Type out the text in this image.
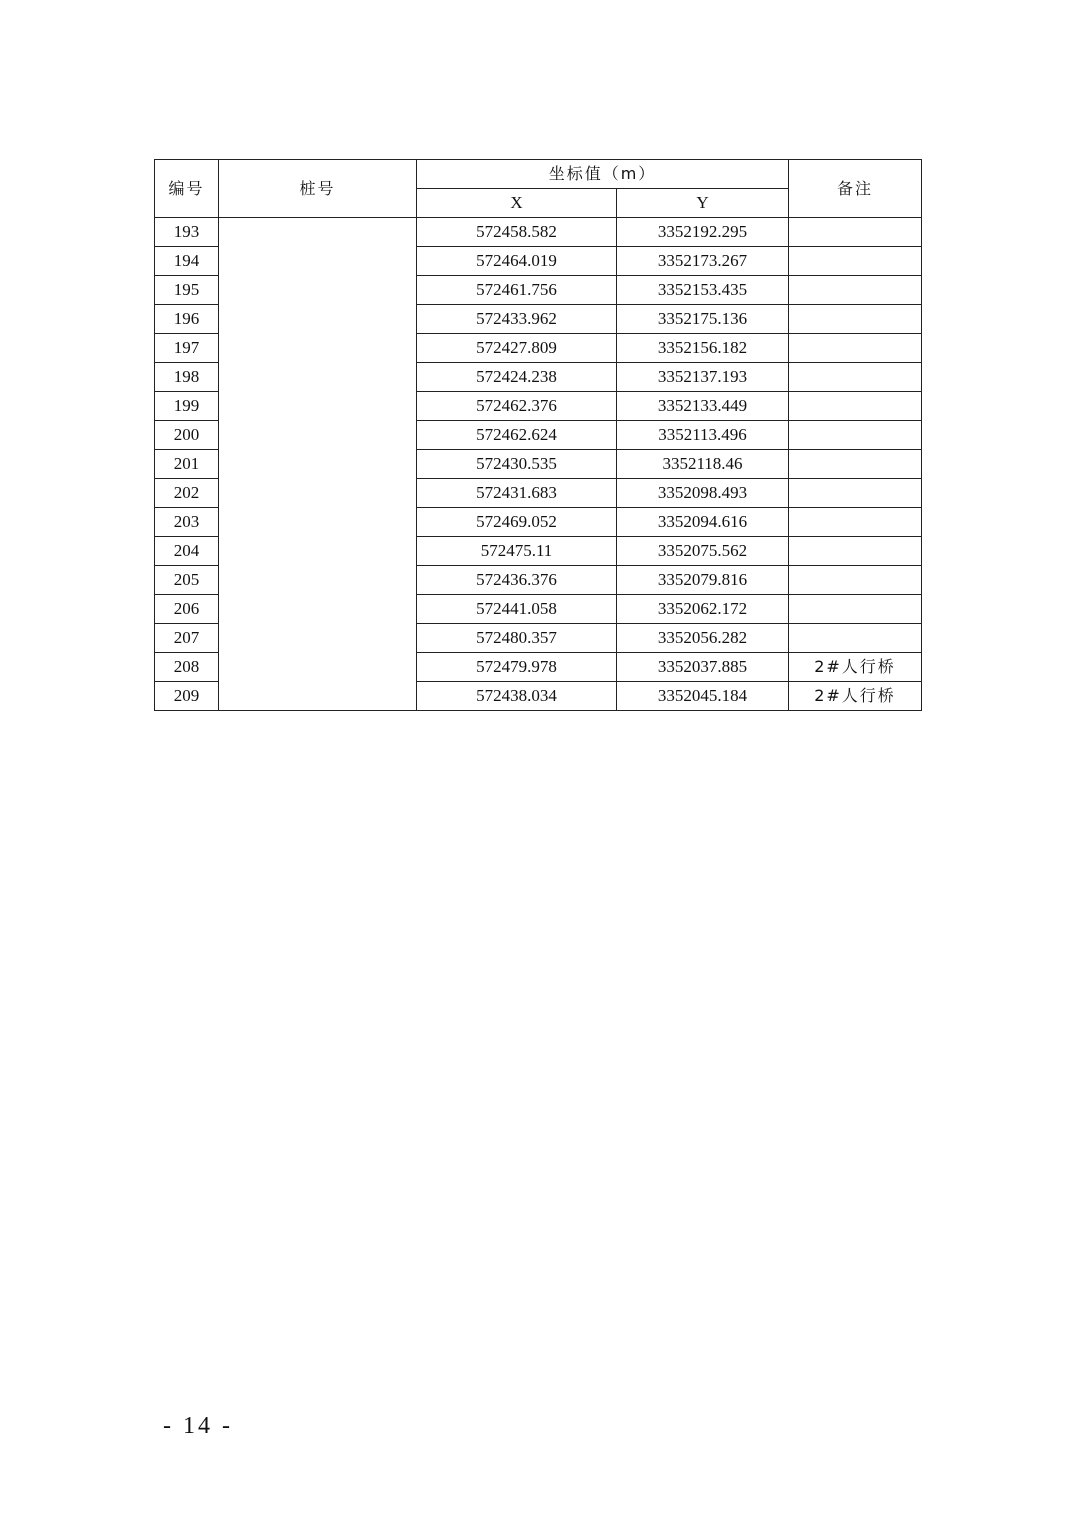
编号	桩号	坐标值（m）		备注
		X	Y	
193		572458.582	3352192.295	
194		572464.019	3352173.267	
195		572461.756	3352153.435	
196		572433.962	3352175.136	
197		572427.809	3352156.182	
198		572424.238	3352137.193	
199		572462.376	3352133.449	
200		572462.624	3352113.496	
201		572430.535	3352118.46	
202		572431.683	3352098.493	
203		572469.052	3352094.616	
204		572475.11	3352075.562	
205		572436.376	3352079.816	
206		572441.058	3352062.172	
207		572480.357	3352056.282	
208		572479.978	3352037.885	2#人行桥
209		572438.034	3352045.184	2#人行桥
- 14 -
